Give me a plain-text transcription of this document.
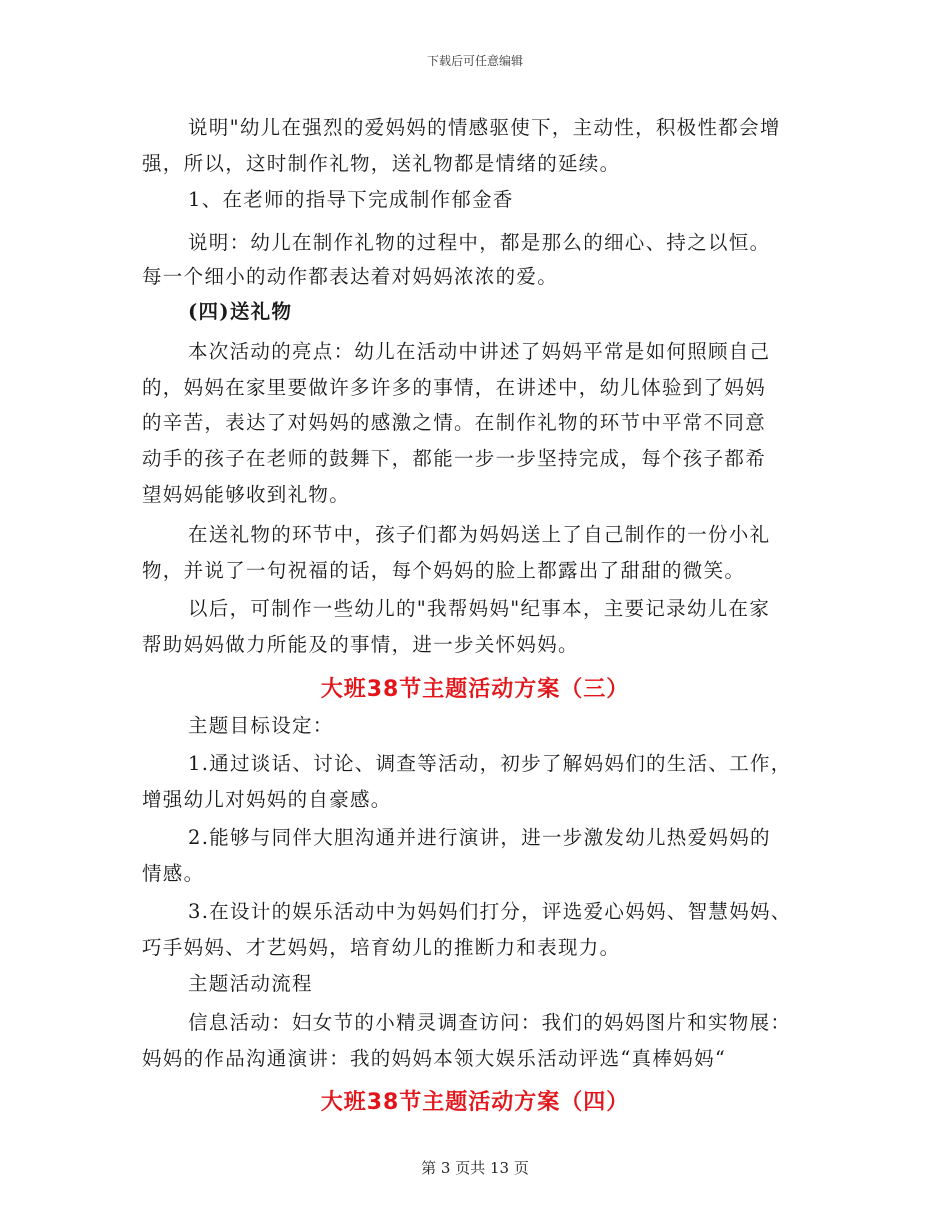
下载后可任意编辑
说明"幼儿在强烈的爱妈妈的情感驱使下，主动性，积极性都会增
强，所以，这时制作礼物，送礼物都是情绪的延续。
1、在老师的指导下完成制作郁金香
说明：幼儿在制作礼物的过程中，都是那么的细心、持之以恒。
每一个细小的动作都表达着对妈妈浓浓的爱。
(四)送礼物
本次活动的亮点：幼儿在活动中讲述了妈妈平常是如何照顾自己
的，妈妈在家里要做许多许多的事情，在讲述中，幼儿体验到了妈妈
的辛苦，表达了对妈妈的感激之情。在制作礼物的环节中平常不同意
动手的孩子在老师的鼓舞下，都能一步一步坚持完成，每个孩子都希
望妈妈能够收到礼物。
在送礼物的环节中，孩子们都为妈妈送上了自己制作的一份小礼
物，并说了一句祝福的话，每个妈妈的脸上都露出了甜甜的微笑。
以后，可制作一些幼儿的"我帮妈妈"纪事本，主要记录幼儿在家
帮助妈妈做力所能及的事情，进一步关怀妈妈。
大班38节主题活动方案（三）
主题目标设定：
1.通过谈话、讨论、调查等活动，初步了解妈妈们的生活、工作，
增强幼儿对妈妈的自豪感。
2.能够与同伴大胆沟通并进行演讲，进一步激发幼儿热爱妈妈的
情感。
3.在设计的娱乐活动中为妈妈们打分，评选爱心妈妈、智慧妈妈、
巧手妈妈、才艺妈妈，培育幼儿的推断力和表现力。
主题活动流程
信息活动：妇女节的小精灵调查访问：我们的妈妈图片和实物展：
妈妈的作品沟通演讲：我的妈妈本领大娱乐活动评选“真棒妈妈“
大班38节主题活动方案（四）
第 3 页共 13 页
